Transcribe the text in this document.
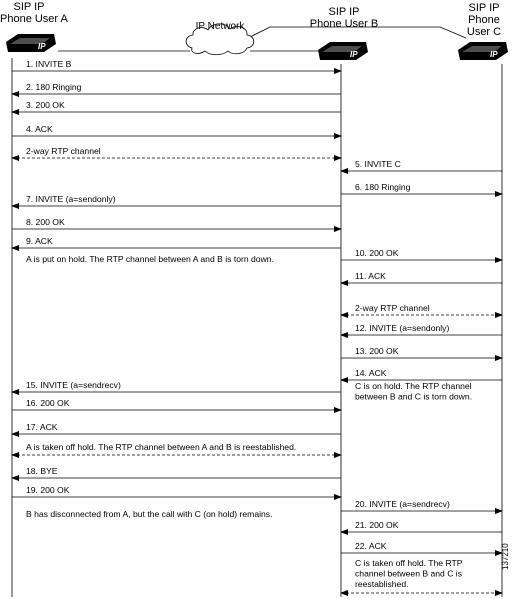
IP
IP	IP
1. INVITE B
2. 180 Ringing
3. 200 OK
4. ACK
2-way RTP channel
5. INVITE C
6. 180 Ringing
7. INVITE (a=sendonly)
8. 200 OK
9. ACK
10. 200 OK
11. ACK
2-way RTP channel
12. INVITE (a=sendonly)
13. 200 OK
14. ACK
15. INVITE (a=sendrecv)
16. 200 OK
17. ACK
18. BYE
19. 200 OK
20. INVITE (a=sendrecv)
21. 200 OK
22. ACK
A is put on hold. The RTP channel between A and B is torn down.
C is on hold. The RTP channel between B and C is torn down.
A is taken off hold. The RTP channel between A and B is reestablished.
B has disconnected from A, but the call with C (on hold) remains.
C is taken off hold. The RTP channel between B and C is reestablished.
SIP IP
Phone User A
SIP IP
Phone User B
SIP IP
Phone
User C
IP Network
137210
